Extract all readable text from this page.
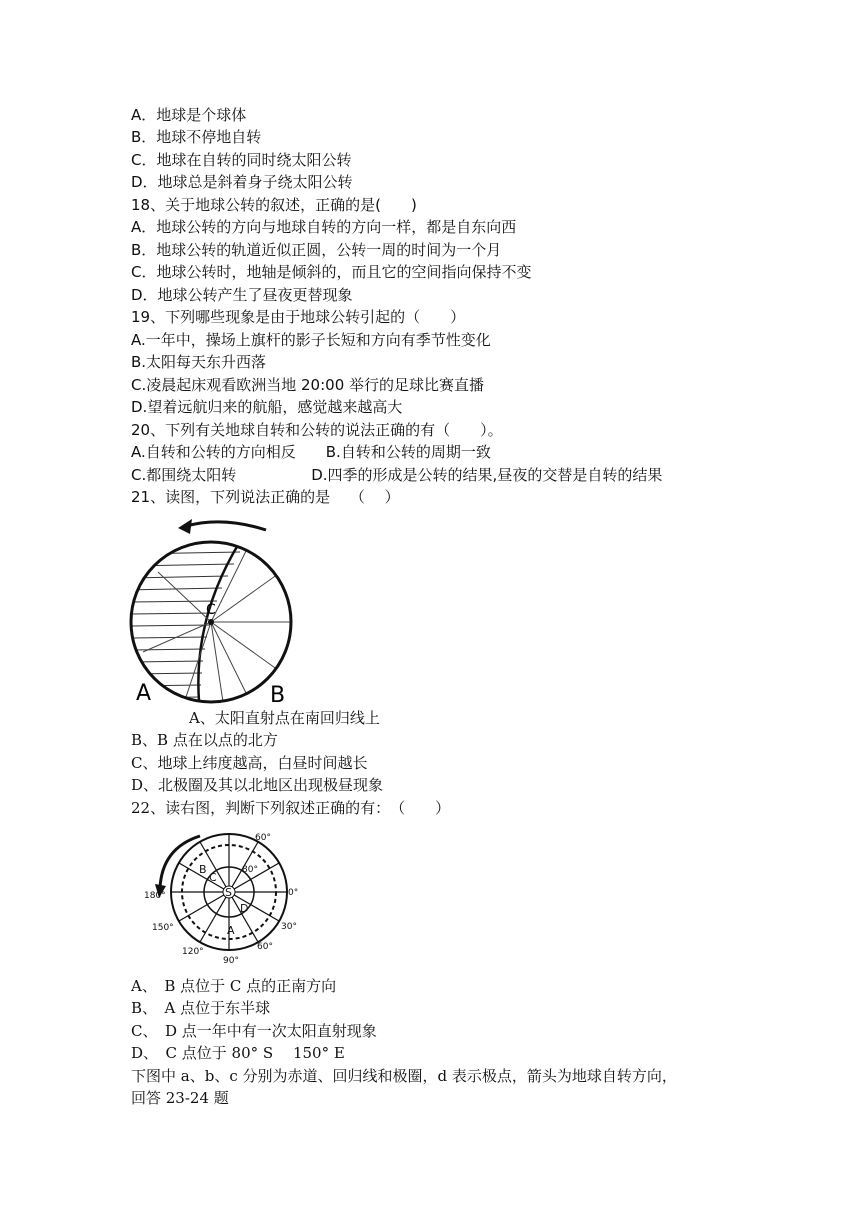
A．地球是个球体
B．地球不停地自转
C．地球在自转的同时绕太阳公转
D．地球总是斜着身子绕太阳公转
18、关于地球公转的叙述，正确的是(　　)
A．地球公转的方向与地球自转的方向一样，都是自东向西
B．地球公转的轨道近似正圆，公转一周的时间为一个月
C．地球公转时，地轴是倾斜的，而且它的空间指向保持不变
D．地球公转产生了昼夜更替现象
19、下列哪些现象是由于地球公转引起的（　　）
A.一年中，操场上旗杆的影子长短和方向有季节性变化
B.太阳每天东升西落
C.凌晨起床观看欧洲当地 20:00 举行的足球比赛直播
D.望着远航归来的航船，感觉越来越高大
20、下列有关地球自转和公转的说法正确的有（　　）。
A.自转和公转的方向相反　　B.自转和公转的周期一致
C.都围绕太阳转　　　　　D.四季的形成是公转的结果,昼夜的交替是自转的结果
21、读图，下列说法正确的是　 （　 ）
C
A	B
A、太阳直射点在南回归线上
B、B 点在以点的北方
C、地球上纬度越高，白昼时间越长
D、北极圈及其以北地区出现极昼现象
22、读右图，判断下列叙述正确的有：　（　　）
60°
80°
0°
30°
60°
90°
120°
150°
180°
B
C
S
D
A
A、　B 点位于 C 点的正南方向
B、　A 点位于东半球
C、　D 点一年中有一次太阳直射现象
D、　C 点位于 80° S　 150° E
下图中 a、b、c 分别为赤道、回归线和极圈，d 表示极点，箭头为地球自转方向，
回答 23-24 题
